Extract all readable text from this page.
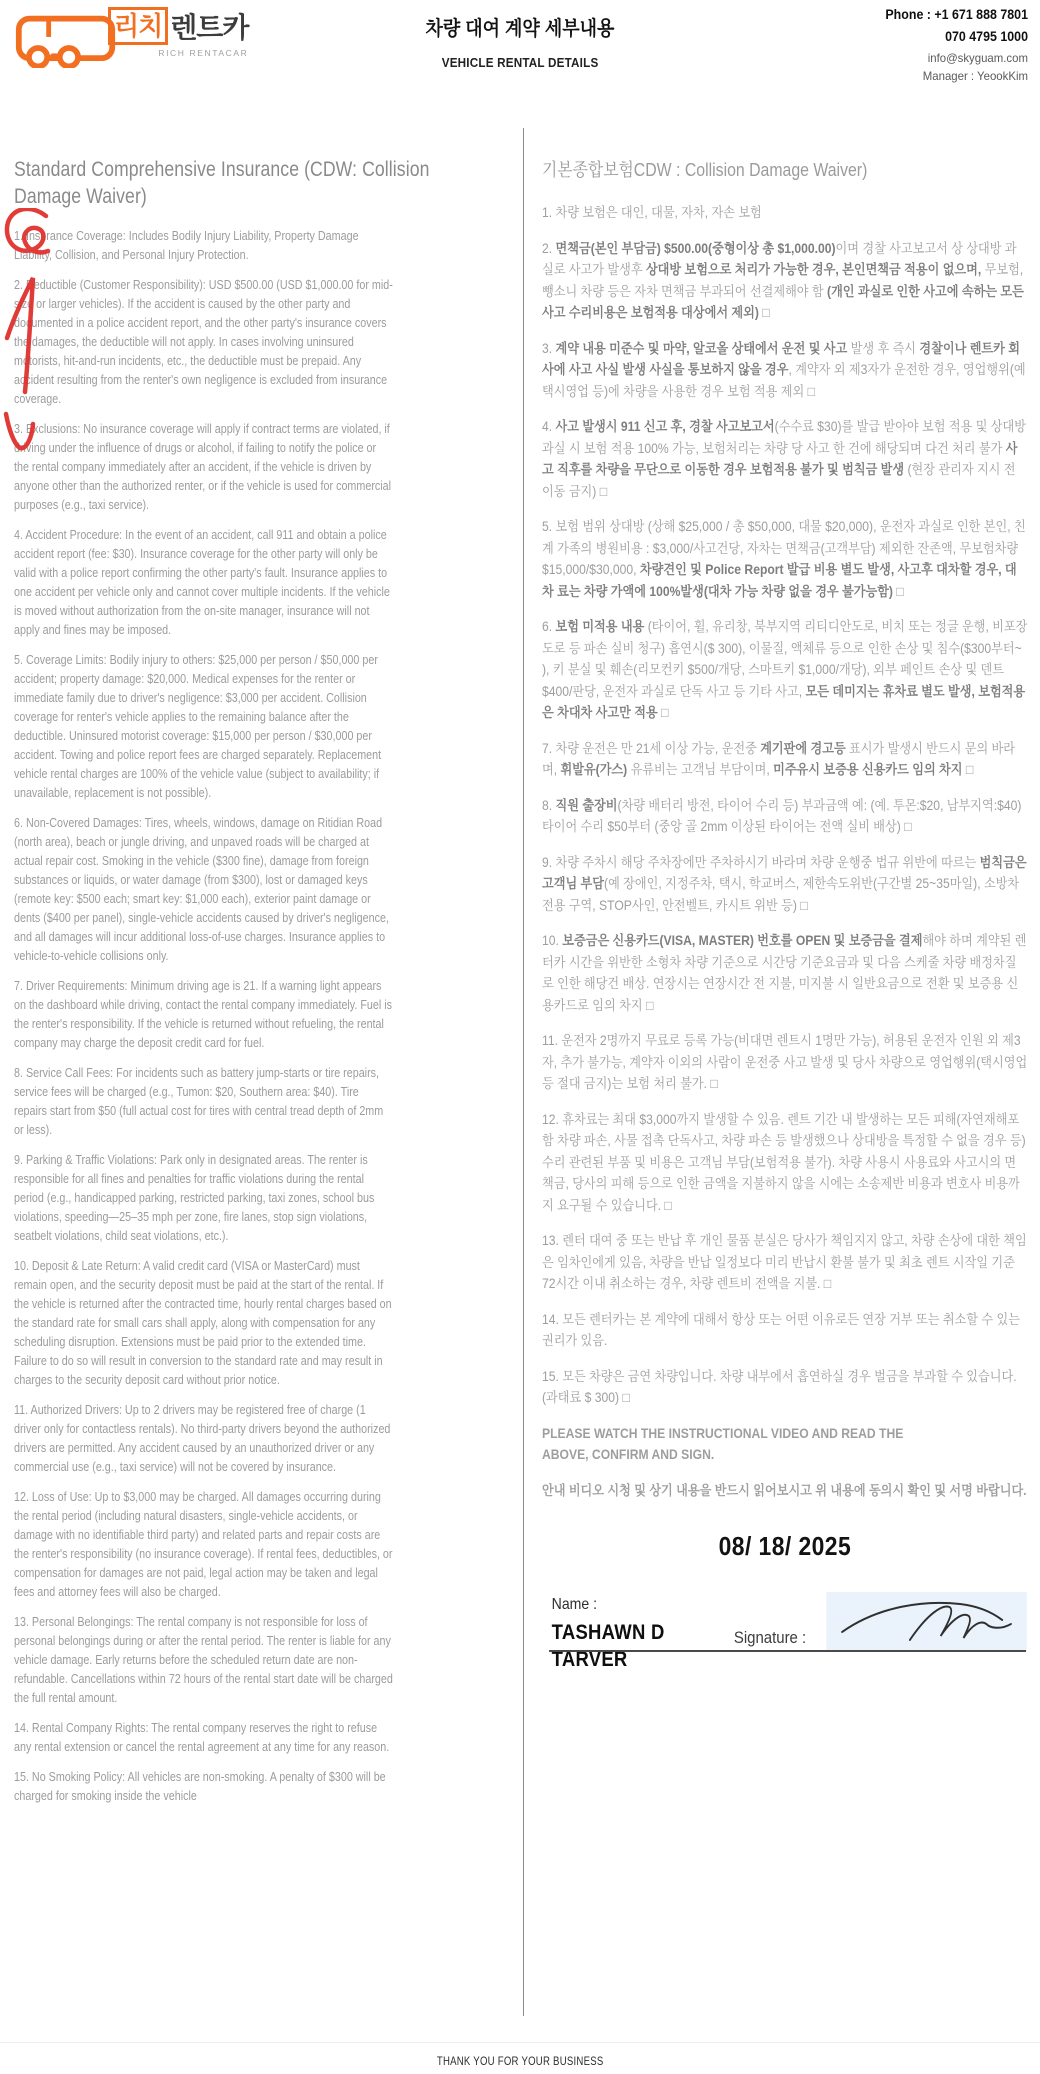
리치 렌트카
RICH RENTACAR
차량 대여 계약 세부내용
VEHICLE RENTAL DETAILS
Phone : +1 671 888 7801
070 4795 1000
info@skyguam.com
Manager : YeookKim
Standard Comprehensive Insurance (CDW: Collision Damage Waiver)

1. Insurance Coverage: Includes Bodily Injury Liability, Property Damage Liability, Collision, and Personal Injury Protection.

2. Deductible (Customer Responsibility): USD $500.00 (USD $1,000.00 for mid-size or larger vehicles). If the accident is caused by the other party and documented in a police accident report, and the other party's insurance covers the damages, the deductible will not apply. In cases involving uninsured motorists, hit-and-run incidents, etc., the deductible must be prepaid. Any accident resulting from the renter's own negligence is excluded from insurance coverage.

3. Exclusions: No insurance coverage will apply if contract terms are violated, if driving under the influence of drugs or alcohol, if failing to notify the police or the rental company immediately after an accident, if the vehicle is driven by anyone other than the authorized renter, or if the vehicle is used for commercial purposes (e.g., taxi service).

4. Accident Procedure: In the event of an accident, call 911 and obtain a police accident report (fee: $30). Insurance coverage for the other party will only be valid with a police report confirming the other party's fault. Insurance applies to one accident per vehicle only and cannot cover multiple incidents. If the vehicle is moved without authorization from the on-site manager, insurance will not apply and fines may be imposed.

5. Coverage Limits: Bodily injury to others: $25,000 per person / $50,000 per accident; property damage: $20,000. Medical expenses for the renter or immediate family due to driver's negligence: $3,000 per accident. Collision coverage for renter's vehicle applies to the remaining balance after the deductible. Uninsured motorist coverage: $15,000 per person / $30,000 per accident. Towing and police report fees are charged separately. Replacement vehicle rental charges are 100% of the vehicle value (subject to availability; if unavailable, replacement is not possible).

6. Non-Covered Damages: Tires, wheels, windows, damage on Ritidian Road (north area), beach or jungle driving, and unpaved roads will be charged at actual repair cost. Smoking in the vehicle ($300 fine), damage from foreign substances or liquids, or water damage (from $300), lost or damaged keys (remote key: $500 each; smart key: $1,000 each), exterior paint damage or dents ($400 per panel), single-vehicle accidents caused by driver's negligence, and all damages will incur additional loss-of-use charges. Insurance applies to vehicle-to-vehicle collisions only.

7. Driver Requirements: Minimum driving age is 21. If a warning light appears on the dashboard while driving, contact the rental company immediately. Fuel is the renter's responsibility. If the vehicle is returned without refueling, the rental company may charge the deposit credit card for fuel.

8. Service Call Fees: For incidents such as battery jump-starts or tire repairs, service fees will be charged (e.g., Tumon: $20, Southern area: $40). Tire repairs start from $50 (full actual cost for tires with central tread depth of 2mm or less).

9. Parking & Traffic Violations: Park only in designated areas. The renter is responsible for all fines and penalties for traffic violations during the rental period (e.g., handicapped parking, restricted parking, taxi zones, school bus violations, speeding—25–35 mph per zone, fire lanes, stop sign violations, seatbelt violations, child seat violations, etc.).

10. Deposit & Late Return: A valid credit card (VISA or MasterCard) must remain open, and the security deposit must be paid at the start of the rental. If the vehicle is returned after the contracted time, hourly rental charges based on the standard rate for small cars shall apply, along with compensation for any scheduling disruption. Extensions must be paid prior to the extended time. Failure to do so will result in conversion to the standard rate and may result in charges to the security deposit card without prior notice.

11. Authorized Drivers: Up to 2 drivers may be registered free of charge (1 driver only for contactless rentals). No third-party drivers beyond the authorized drivers are permitted. Any accident caused by an unauthorized driver or any commercial use (e.g., taxi service) will not be covered by insurance.

12. Loss of Use: Up to $3,000 may be charged. All damages occurring during the rental period (including natural disasters, single-vehicle accidents, or damage with no identifiable third party) and related parts and repair costs are the renter's responsibility (no insurance coverage). If rental fees, deductibles, or compensation for damages are not paid, legal action may be taken and legal fees and attorney fees will also be charged.

13. Personal Belongings: The rental company is not responsible for loss of personal belongings during or after the rental period. The renter is liable for any vehicle damage. Early returns before the scheduled return date are non-refundable. Cancellations within 72 hours of the rental start date will be charged the full rental amount.

14. Rental Company Rights: The rental company reserves the right to refuse any rental extension or cancel the rental agreement at any time for any reason.

15. No Smoking Policy: All vehicles are non-smoking. A penalty of $300 will be charged for smoking inside the vehicle

기본종합보험CDW : Collision Damage Waiver)

1. 차량 보험은 대인, 대물, 자차, 자손 보험

2. 면책금(본인 부담금) $500.00(중형이상 총 $1,000.00)이며 경찰 사고보고서 상 상대방 과실로 사고가 발생후 상대방 보험으로 처리가 가능한 경우, 본인면책금 적용이 없으며, 무보험, 뺑소니 차량 등은 자차 면책금 부과되어 선결제해야 함 (개인 과실로 인한 사고에 속하는 모든 사고 수리비용은 보험적용 대상에서 제외) □

3. 계약 내용 미준수 및 마약, 알코올 상태에서 운전 및 사고 발생 후 즉시 경찰이나 렌트카 회사에 사고 사실 발생 사실을 통보하지 않을 경우, 계약자 외 제3자가 운전한 경우, 영업행위(예 택시영업 등)에 차량을 사용한 경우 보험 적용 제외 □

4. 사고 발생시 911 신고 후, 경찰 사고보고서(수수료 $30)를 발급 받아야 보험 적용 및 상대방 과실 시 보험 적용 100% 가능, 보험처리는 차량 당 사고 한 건에 해당되며 다건 처리 불가 사고 직후를 차량을 무단으로 이동한 경우 보험적용 불가 및 범칙금 발생 (현장 관리자 지시 전 이동 금지) □

5. 보험 범위 상대방 (상해 $25,000 / 총 $50,000, 대물 $20,000), 운전자 과실로 인한 본인, 친계 가족의 병원비용 : $3,000/사고건당, 자차는 면책금(고객부담) 제외한 잔존액, 무보험차량 $15,000/$30,000, 차량견인 및 Police Report 발급 비용 별도 발생, 사고후 대차할 경우, 대차 료는 차량 가액에 100%발생(대차 가능 차량 없을 경우 불가능함) □

6. 보험 미적용 내용 (타이어, 휠, 유리창, 북부지역 리티디안도로, 비치 또는 정글 운행, 비포장 도로 등 파손 실비 청구) 흡연시($ 300), 이물질, 액체류 등으로 인한 손상 및 침수($300부터~ ), 키 분실 및 훼손(리모컨키 $500/개당, 스마트키 $1,000/개당), 외부 페인트 손상 및 덴트 $400/판당, 운전자 과실로 단독 사고 등 기타 사고, 모든 데미지는 휴차료 별도 발생, 보험적용은 차대차 사고만 적용 □

7. 차량 운전은 만 21세 이상 가능, 운전중 계기판에 경고등 표시가 발생시 반드시 문의 바라며, 휘발유(가스) 유류비는 고객님 부담이며, 미주유시 보증용 신용카드 임의 차지 □

8. 직원 출장비(차량 배터리 방전, 타이어 수리 등) 부과금액 예: (예. 투몬:$20, 남부지역:$40) 타이어 수리 $50부터 (중앙 골 2mm 이상된 타이어는 전액 실비 배상) □

9. 차량 주차시 해당 주차장에만 주차하시기 바라며 차량 운행중 법규 위반에 따르는 범칙금은 고객님 부담(예 장애인, 지정주차, 택시, 학교버스, 제한속도위반(구간별 25~35마일), 소방차전용 구역, STOP사인, 안전벨트, 카시트 위반 등) □

10. 보증금은 신용카드(VISA, MASTER) 번호를 OPEN 및 보증금을 결제해야 하며 계약된 렌터카 시간을 위반한 소형차 차량 기준으로 시간당 기준요금과 및 다음 스케줄 차량 배정차질로 인한 해당건 배상. 연장시는 연장시간 전 지불, 미지불 시 일반요금으로 전환 및 보증용 신용카드로 임의 차지 □

11. 운전자 2명까지 무료로 등록 가능(비대면 렌트시 1명만 가능), 허용된 운전자 인원 외 제3자, 추가 불가능, 계약자 이외의 사람이 운전중 사고 발생 및 당사 차량으로 영업행위(택시영업 등 절대 금지)는 보험 처리 불가. □

12. 휴차료는 최대 $3,000까지 발생할 수 있음. 렌트 기간 내 발생하는 모든 피해(자연재해포함 차량 파손, 사물 접촉 단독사고, 차량 파손 등 발생했으나 상대방을 특정할 수 없을 경우 등) 수리 관련된 부품 및 비용은 고객님 부담(보험적용 불가). 차량 사용시 사용료와 사고시의 면책금, 당사의 피해 등으로 인한 금액을 지불하지 않을 시에는 소송제반 비용과 변호사 비용까지 요구될 수 있습니다. □

13. 렌터 대여 중 또는 반납 후 개인 물품 분실은 당사가 책임지지 않고, 차량 손상에 대한 책임은 임차인에게 있음, 차량을 반납 일정보다 미리 반납시 환불 불가 및 최초 렌트 시작일 기준 72시간 이내 취소하는 경우, 차량 렌트비 전액을 지불. □

14. 모든 렌터카는 본 계약에 대해서 항상 또는 어떤 이유로든 연장 거부 또는 취소할 수 있는 권리가 있음.

15. 모든 차량은 금연 차량입니다. 차량 내부에서 흡연하실 경우 벌금을 부과할 수 있습니다. (과태료 $ 300) □

PLEASE WATCH THE INSTRUCTIONAL VIDEO AND READ THE ABOVE, CONFIRM AND SIGN.

안내 비디오 시청 및 상기 내용을 반드시 읽어보시고 위 내용에 동의시 확인 및 서명 바랍니다.

08/ 18/ 2025
Name :
TASHAWN D TARVER
Signature :
THANK YOU FOR YOUR BUSINESS
